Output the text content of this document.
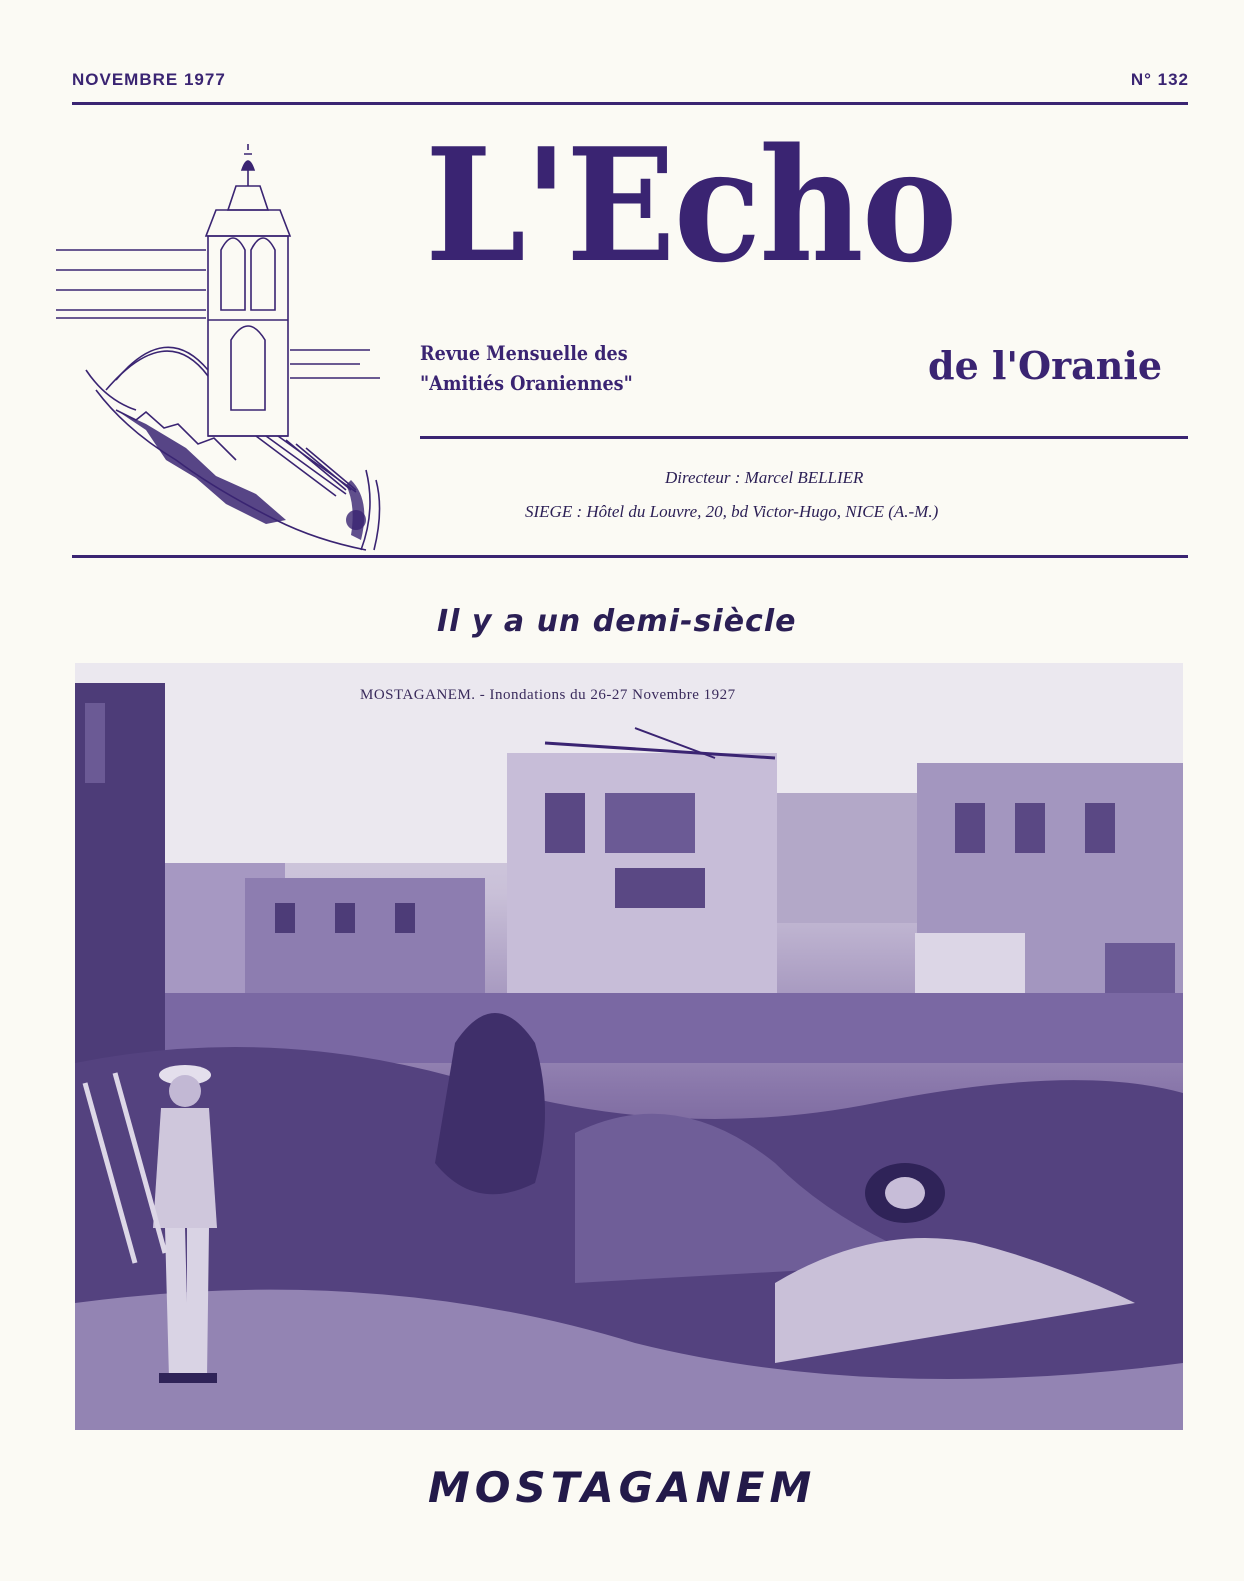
NOVEMBRE 1977	N° 132
L'Echo
Revue Mensuelle des
"Amitiés Oraniennes"	de l'Oranie
Directeur : Marcel BELLIER
SIEGE : Hôtel du Louvre, 20, bd Victor-Hugo, NICE (A.-M.)
Il y a un demi-siècle
MOSTAGANEM. - Inondations du 26-27 Novembre 1927
MOSTAGANEM
